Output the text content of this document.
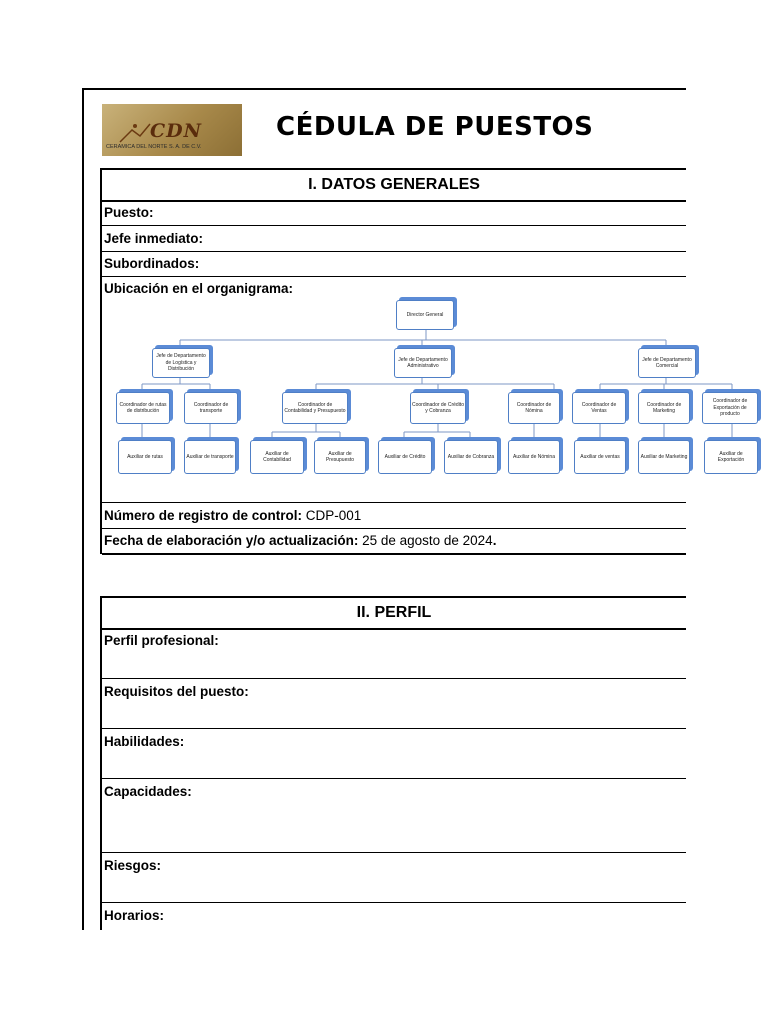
CDN
CERAMICA DEL NORTE S. A. DE C.V.
CÉDULA DE PUESTOS
I. DATOS GENERALES
Puesto:
Jefe inmediato:
Subordinados:
Ubicación en el organigrama:
Número de registro de control: CDP-001
Fecha de elaboración y/o actualización: 25 de agosto de 2024.
Director General
Jefe de Departamento de Logística y Distribución
Jefe de Departamento Administrativo
Jefe de Departamento Comercial
Coordinador de rutas de distribución
Coordinador de transporte
Coordinador de Contabilidad y Presupuesto
Coordinador de Crédito y Cobranza
Coordinador de Nómina
Coordinador de Ventas
Coordinador de Marketing
Coordinador de Exportación de producto
Auxiliar de rutas	Auxiliar de transporte
Auxiliar de Contabilidad
Auxiliar de Presupuesto
Auxiliar de Crédito	Auxiliar de Cobranza	Auxiliar de Nómina	Auxiliar de ventas	Auxiliar de Marketing
Auxiliar de Exportación
II. PERFIL
Perfil profesional:
Requisitos del puesto:
Habilidades:
Capacidades:
Riesgos:
Horarios:
